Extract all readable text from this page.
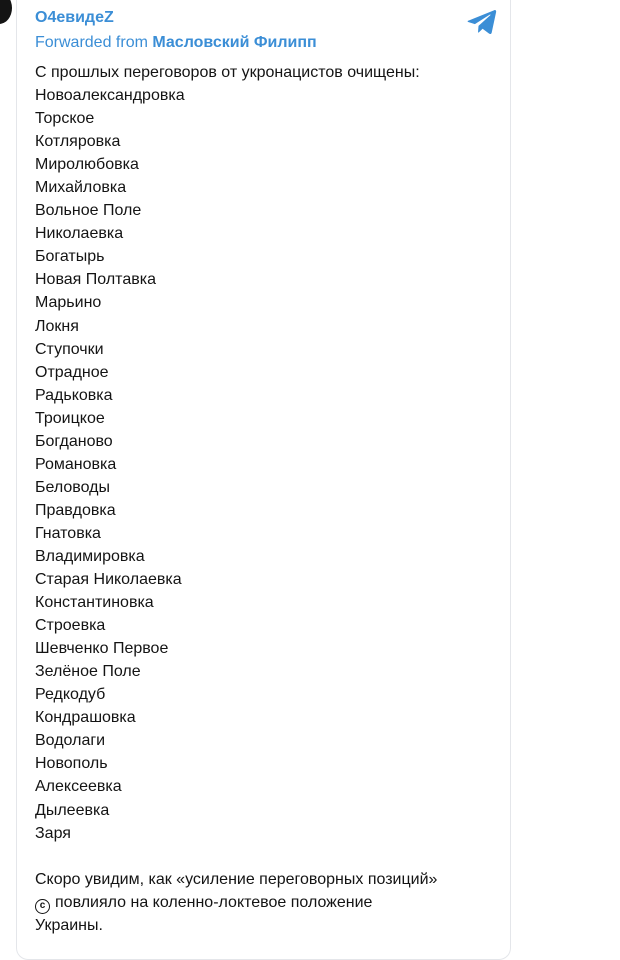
O4евидеZ
Forwarded from Масловский Филипп
С прошлых переговоров от укронацистов очищены:
Новоалександровка
Торское
Котляровка
Миролюбовка
Михайловка
Вольное Поле
Николаевка
Богатырь
Новая Полтавка
Марьино
Локня
Ступочки
Отрадное
Радьковка
Троицкое
Богданово
Романовка
Беловоды
Правдовка
Гнатовка
Владимировка
Старая Николаевка
Константиновка
Строевка
Шевченко Первое
Зелёное Поле
Редкодуб
Кондрашовка
Водолаги
Новополь
Алексеевка
Дылеевка
Заря
Скоро увидим, как «усиление переговорных позиций»
c повлияло на коленно-локтевое положение
Украины.
